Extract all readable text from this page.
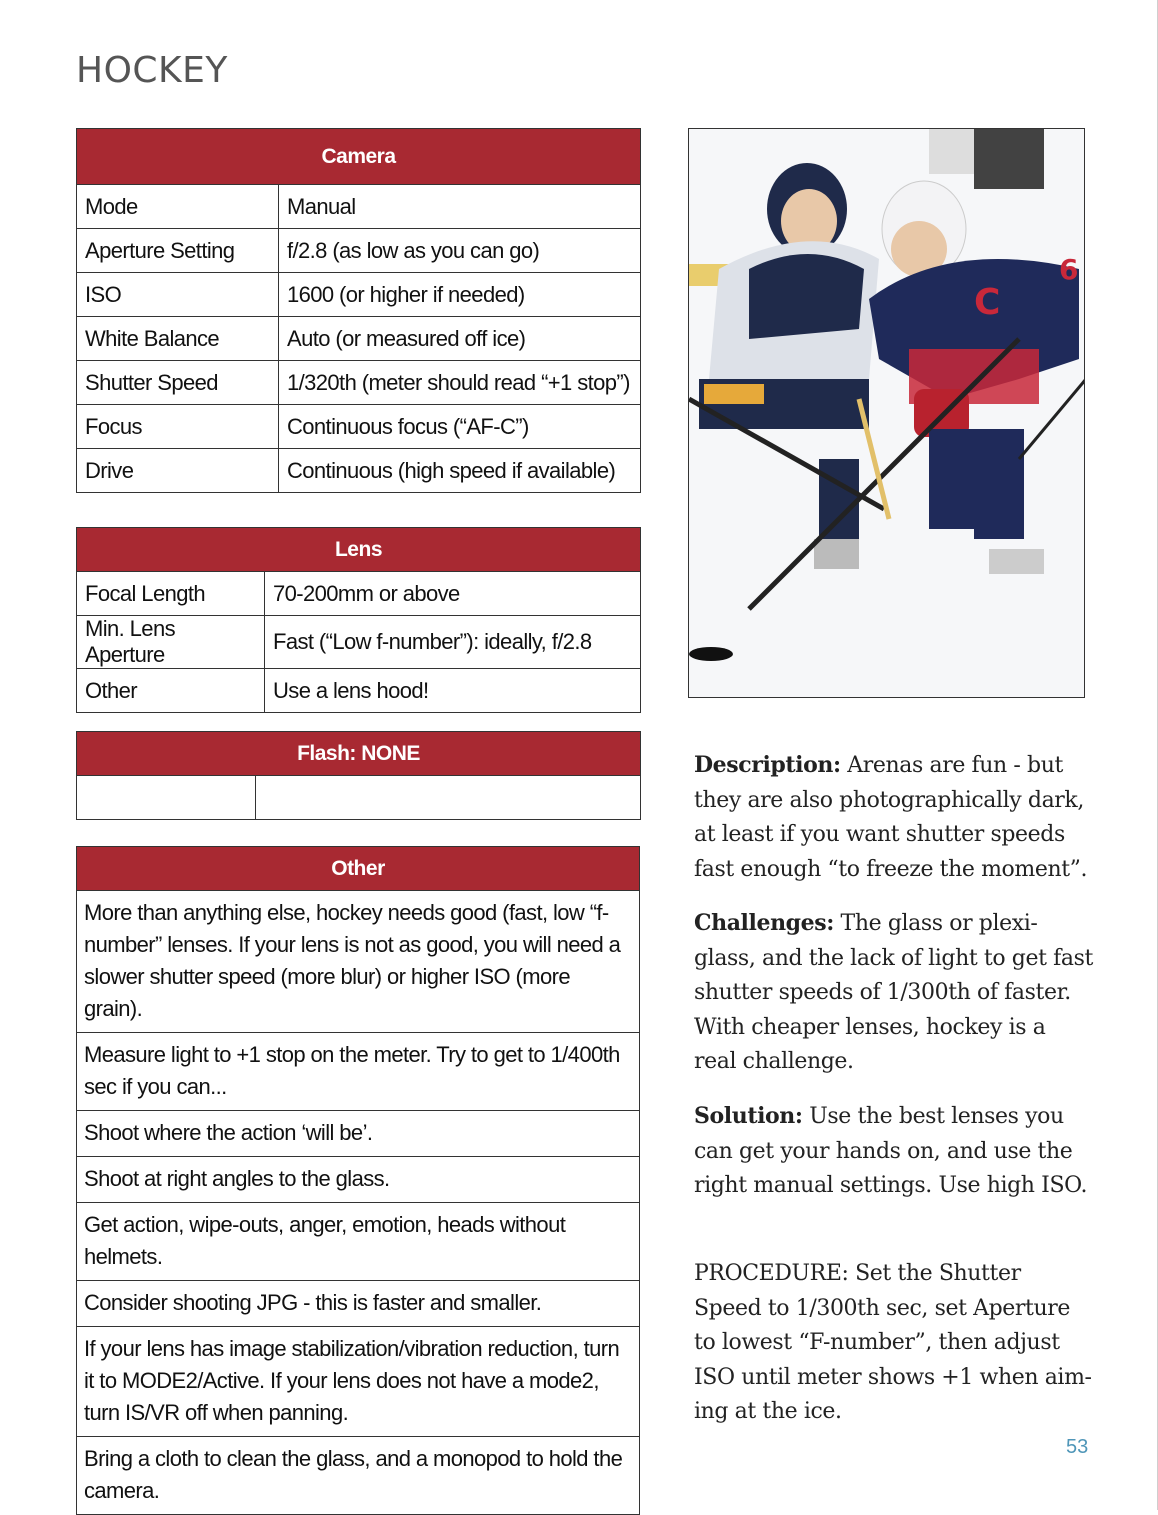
HOCKEY
Camera	
Mode	Manual
Aperture Setting	f/2.8 (as low as you can go)
ISO	1600 (or higher if needed)
White Balance	Auto (or measured off ice)
Shutter Speed	1/320th (meter should read “+1 stop”)
Focus	Continuous focus (“AF-C”)
Drive	Continuous (high speed if available)
Lens	
Focal Length	70-200mm or above
Min. Lens Aperture	Fast (“Low f-number”): ideally, f/2.8
Other	Use a lens hood!
Flash: NONE

Other
More than anything else, hockey needs good (fast, low “f-number” lenses. If your lens is not as good, you will need a slower shutter speed (more blur) or higher ISO (more grain).
Measure light to +1 stop on the meter. Try to get to 1/400th sec if you can...
Shoot where the action ‘will be’.
Shoot at right angles to the glass.
Get action, wipe-outs, anger, emotion, heads without helmets.
Consider shooting JPG - this is faster and smaller.
If your lens has image stabilization/vibration reduction, turn it to MODE2/Active. If your lens does not have a mode2, turn IS/VR off when panning.
Bring a cloth to clean the glass, and a monopod to hold the camera.
C
6
Description: Arenas are fun - but they are also photographically dark, at least if you want shutter speeds fast enough “to freeze the moment”.
Challenges: The glass or plexi-glass, and the lack of light to get fast shutter speeds of 1/300th of faster. With cheaper lenses, hockey is a real challenge.
Solution: Use the best lenses you can get your hands on, and use the right manual settings. Use high ISO.
PROCEDURE: Set the Shutter Speed to 1/300th sec, set Aperture to lowest “F-number”, then adjust ISO until meter shows +1 when aim-ing at the ice.
53
